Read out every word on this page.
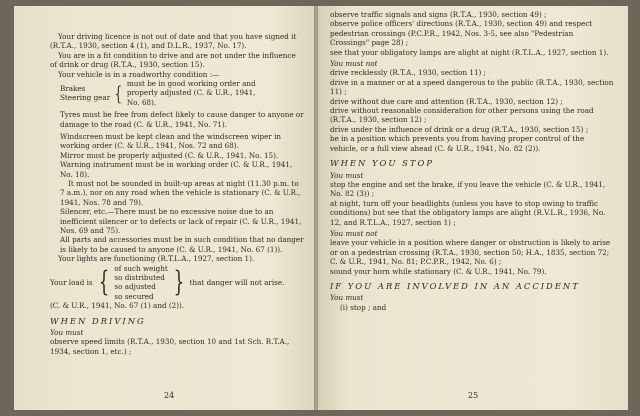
Your driving licence is not out of date and that you have signed it (R.T.A., 1930, section 4 (1), and D.L.R., 1937, No. 17).

You are in a fit condition to drive and are not under the influence of drink or drug (R.T.A., 1930, section 15).

Your vehicle is in a roadworthy condition :—

Brakes
Steering gear { must be in good working order and
properly adjusted (C. & U.R., 1941,
No. 68).

Tyres must be free from defect likely to cause danger to anyone or damage to the road (C. & U.R., 1941, No. 71).

Windscreen must be kept clean and the windscreen wiper in working order (C. & U.R., 1941, Nos. 72 and 68).

Mirror must be properly adjusted (C. & U.R., 1941, No. 15).

Warning instrument must be in working order (C. & U.R., 1941, No. 18).

It must not be sounded in built-up areas at night (11.30 p.m. to 7 a.m.), nor on any road when the vehicle is stationary (C. & U.R., 1941, Nos. 78 and 79).

Silencer, etc.—There must be no excessive noise due to an inefficient silencer or to defects or lack of repair (C. & U.R., 1941, Nos. 69 and 75).

All parts and accessories must be in such condition that no danger is likely to be caused to anyone (C. & U.R., 1941, No. 67 (1)).

Your lights are functioning (R.T.L.A., 1927, section 1).

Your load is { of such weight
so distributed
so adjusted
so secured } that danger will not arise.

(C. & U.R., 1941, No. 67 (1) and (2)).

WHEN DRIVING

You must

observe speed limits (R.T.A., 1930, section 10 and 1st Sch. R.T.A., 1934, section 1, etc.) ;

24

observe traffic signals and signs (R.T.A., 1930, section 49) ;

observe police officers' directions (R.T.A., 1930, section 49) and respect pedestrian crossings (P.C.P.R., 1942, Nos. 3-5, see also "Pedestrian Crossings" page 28) ;

see that your obligatory lamps are alight at night (R.T.L.A., 1927, section 1).

You must not

drive recklessly (R.T.A., 1930, section 11) ;

drive in a manner or at a speed dangerous to the public (R.T.A., 1930, section 11) ;

drive without due care and attention (R.T.A., 1930, section 12) ;

drive without reasonable consideration for other persons using the road (R.T.A., 1930, section 12) ;

drive under the influence of drink or a drug (R.T.A., 1930, section 15) ;

be in a position which prevents you from having proper control of the vehicle, or a full view ahead (C. & U.R., 1941, No. 82 (2)).

WHEN YOU STOP

You must

stop the engine and set the brake, if you leave the vehicle (C. & U.R., 1941, No. 82 (3)) ;

at night, turn off your headlights (unless you have to stop owing to traffic conditions) but see that the obligatory lamps are alight (R.V.L.R., 1936, No. 12, and R.T.L.A., 1927, section 1) ;

You must not

leave your vehicle in a position where danger or obstruction is likely to arise or on a pedestrian crossing (R.T.A., 1930, section 50; H.A., 1835, section 72; C. & U.R., 1941, No. 81; P.C.P.R., 1942, No. 6) ;

sound your horn while stationary (C. & U.R., 1941, No. 79).

IF YOU ARE INVOLVED IN AN ACCIDENT

You must

(i) stop ; and

25
